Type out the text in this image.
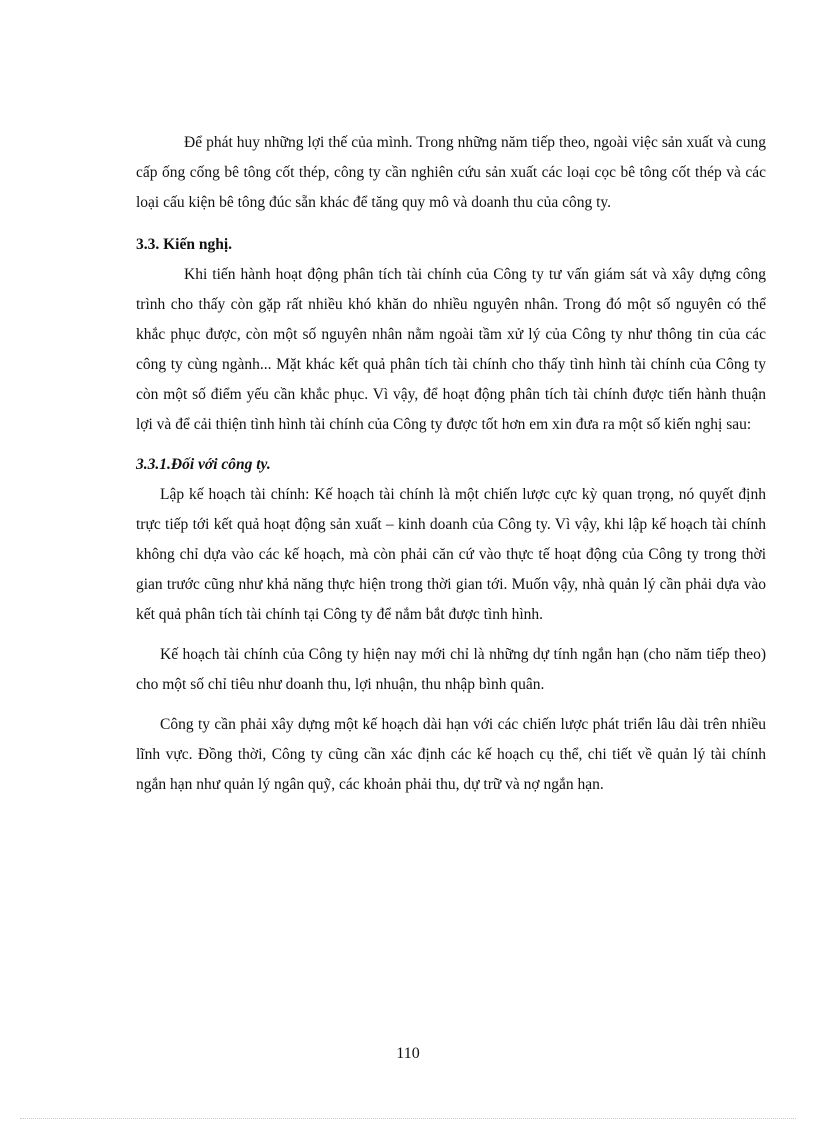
Để phát huy những lợi thế của mình. Trong những năm tiếp theo, ngoài việc sản xuất và cung cấp ống cống bê tông cốt thép, công ty cần nghiên cứu sản xuất các loại cọc bê tông cốt thép và các loại cấu kiện bê tông đúc sẵn khác để tăng quy mô và doanh thu của công ty.

3.3. Kiến nghị.

Khi tiến hành hoạt động phân tích tài chính của Công ty tư vấn giám sát và xây dựng công trình cho thấy còn gặp rất nhiều khó khăn do nhiều nguyên nhân. Trong đó một số nguyên có thể khắc phục được, còn một số nguyên nhân nằm ngoài tầm xử lý của Công ty như thông tin của các công ty cùng ngành... Mặt khác kết quả phân tích tài chính cho thấy tình hình tài chính của Công ty còn một số điểm yếu cần khắc phục. Vì vậy, để hoạt động phân tích tài chính được tiến hành thuận lợi và để cải thiện tình hình tài chính của Công ty được tốt hơn em xin đưa ra một số kiến nghị sau:

3.3.1.Đối với công ty.

Lập kế hoạch tài chính: Kế hoạch tài chính là một chiến lược cực kỳ quan trọng, nó quyết định trực tiếp tới kết quả hoạt động sản xuất – kinh doanh của Công ty. Vì vậy, khi lập kế hoạch tài chính không chỉ dựa vào các kế hoạch, mà còn phải căn cứ vào thực tế hoạt động của Công ty trong thời gian trước cũng như khả năng thực hiện trong thời gian tới. Muốn vậy, nhà quản lý cần phải dựa vào kết quả phân tích tài chính tại Công ty để nắm bắt được tình hình.

Kế hoạch tài chính của Công ty hiện nay mới chỉ là những dự tính ngắn hạn (cho năm tiếp theo) cho một số chỉ tiêu như doanh thu, lợi nhuận, thu nhập bình quân.

Công ty cần phải xây dựng một kế hoạch dài hạn với các chiến lược phát triển lâu dài trên nhiều lĩnh vực. Đồng thời, Công ty cũng cần xác định các kế hoạch cụ thể, chi tiết về quản lý tài chính ngắn hạn như quản lý ngân quỹ, các khoản phải thu, dự trữ và nợ ngắn hạn.

110
